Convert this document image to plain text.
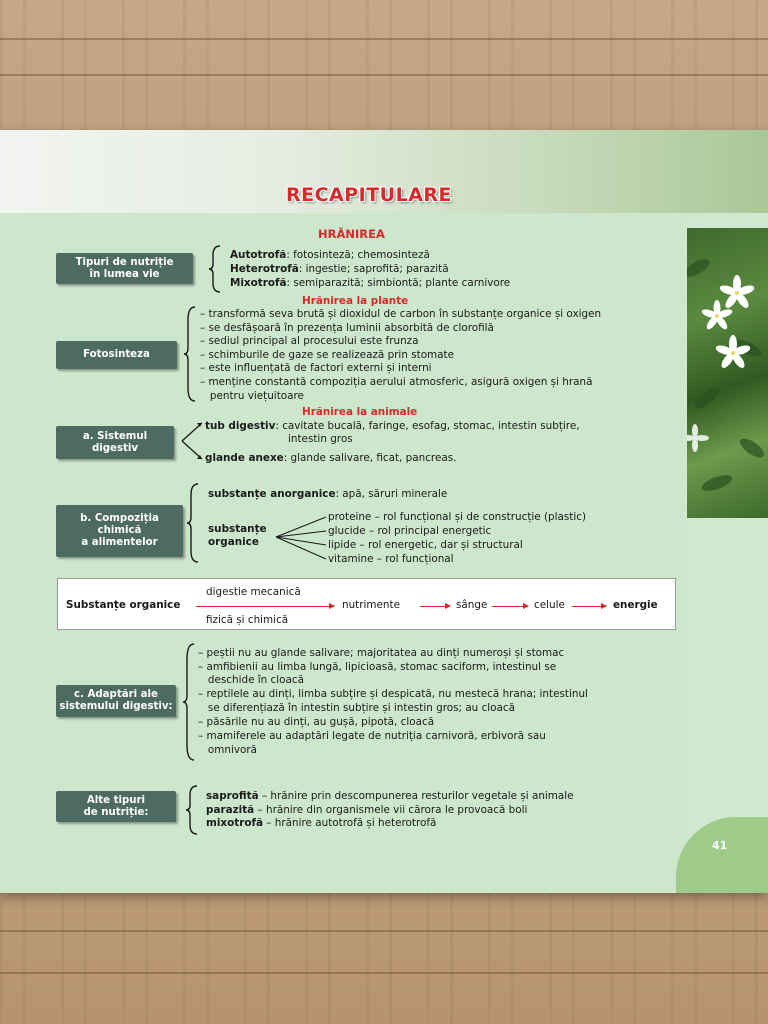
RECAPITULARE
41
HRĂNIREA
Tipuri de nutriție
în lumea vie
Autotrofă: fotosinteză; chemosinteză
Heterotrofă: ingestie; saprofită; parazită
Mixotrofă: semiparazită; simbiontă; plante carnivore
Hrănirea la plante
Fotosinteza
– transformă seva brută și dioxidul de carbon în substanțe organice și oxigen
– se desfășoară în prezența luminii absorbită de clorofilă
– sediul principal al procesului este frunza
– schimburile de gaze se realizează prin stomate
– este influențată de factori externi și interni
– menține constantă compoziția aerului atmosferic, asigură oxigen și hrană
pentru viețuitoare
Hrănirea la animale
a. Sistemul
digestiv
tub digestiv: cavitate bucală, faringe, esofag, stomac, intestin subțire,
intestin gros
glande anexe: glande salivare, ficat, pancreas.
b. Compoziția
chimică
a alimentelor
substanțe anorganice: apă, săruri minerale
substanțe
organice
proteine – rol funcțional și de construcție (plastic)
glucide – rol principal energetic
lipide – rol energetic, dar și structural
vitamine – rol funcțional
Substanțe organice
digestie mecanică
fizică și chimică
nutrimente	sânge	celule	energie
c. Adaptări ale
sistemului digestiv:
– peștii nu au glande salivare; majoritatea au dinți numeroși și stomac
– amfibienii au limba lungă, lipicioasă, stomac saciform, intestinul se
deschide în cloacă
– reptilele au dinți, limba subțire și despicată, nu mestecă hrana; intestinul
se diferențiază în intestin subțire și intestin gros; au cloacă
– păsările nu au dinți, au gușă, pipotă, cloacă
– mamiferele au adaptări legate de nutriția carnivoră, erbivoră sau
omnivoră
Alte tipuri
de nutriție:
saprofită – hrănire prin descompunerea resturilor vegetale și animale
parazită – hrănire din organismele vii cărora le provoacă boli
mixotrofă – hrănire autotrofă și heterotrofă
